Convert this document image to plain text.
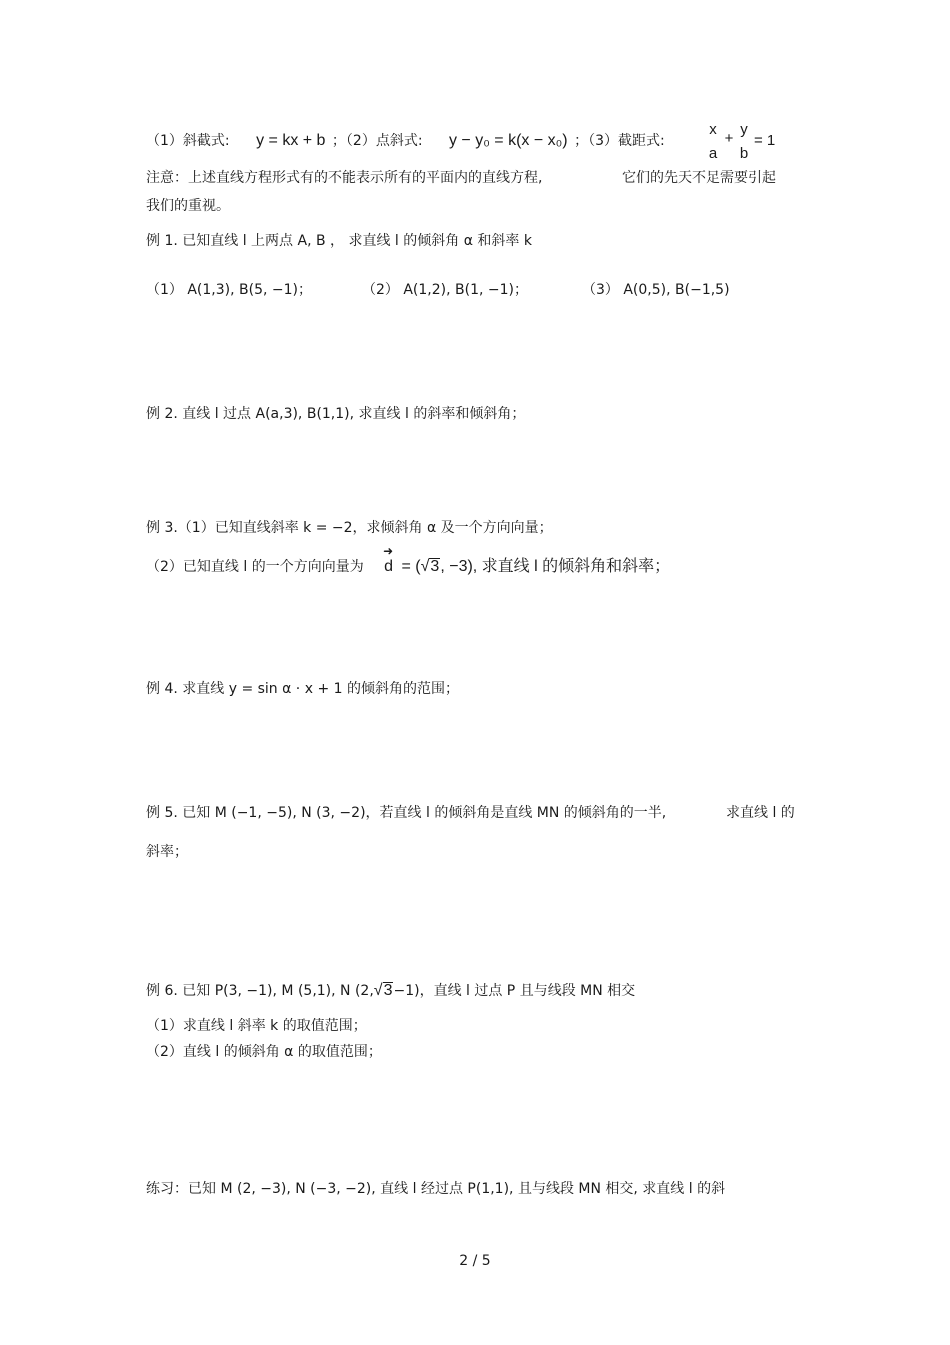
（1）斜截式: y = kx + b ；（2）点斜式: y − y₀ = k(x − x₀) ；（3）截距式:
x
a
+
y
b
= 1
注意：上述直线方程形式有的不能表示所有的平面内的直线方程,	它们的先天不足需要引起
我们的重视。
例 1. 已知直线 l 上两点 A, B ， 求直线 l 的倾斜角 α 和斜率 k
（1） A(1,3), B(5, −1)；	（2） A(1,2), B(1, −1)；	（3） A(0,5), B(−1,5)
例 2. 直线 l 过点 A(a,3), B(1,1), 求直线 l 的斜率和倾斜角；
例 3.（1）已知直线斜率 k = −2，求倾斜角 α 及一个方向向量；
（2）已知直线 l 的一个方向向量为
➜
d = (√3, −3), 求直线 l 的倾斜角和斜率；
例 4. 求直线 y = sin α · x + 1 的倾斜角的范围；
例 5. 已知 M (−1, −5), N (3, −2)，若直线 l 的倾斜角是直线 MN 的倾斜角的一半,	求直线 l 的
斜率；
例 6. 已知 P(3, −1), M (5,1), N (2,√3−1)，直线 l 过点 P 且与线段 MN 相交
（1）求直线 l 斜率 k 的取值范围；
（2）直线 l 的倾斜角 α 的取值范围；
练习：已知 M (2, −3), N (−3, −2), 直线 l 经过点 P(1,1), 且与线段 MN 相交, 求直线 l 的斜
2 / 5
